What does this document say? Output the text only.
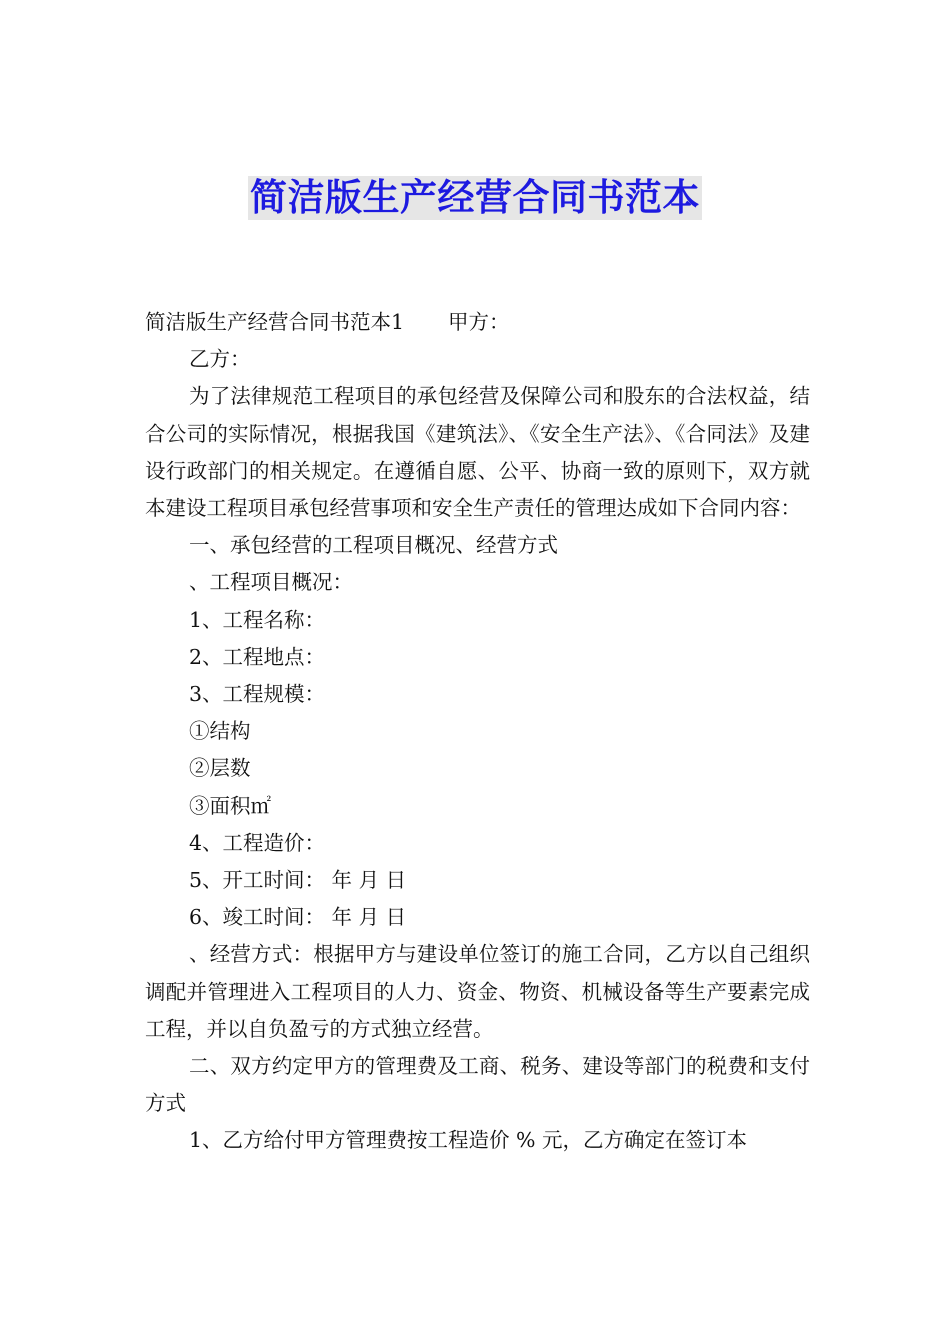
简洁版生产经营合同书范本

简洁版生产经营合同书范本1 甲方：

乙方：

为了法律规范工程项目的承包经营及保障公司和股东的合法权益，结合公司的实际情况，根据我国《建筑法》、《安全生产法》、《合同法》及建设行政部门的相关规定。在遵循自愿、公平、协商一致的原则下，双方就本建设工程项目承包经营事项和安全生产责任的管理达成如下合同内容：

一、承包经营的工程项目概况、经营方式

、工程项目概况：

1、工程名称：

2、工程地点：

3、工程规模：

①结构

②层数

③面积㎡

4、工程造价：

5、开工时间： 年 月 日

6、竣工时间： 年 月 日

、经营方式：根据甲方与建设单位签订的施工合同，乙方以自己组织调配并管理进入工程项目的人力、资金、物资、机械设备等生产要素完成工程，并以自负盈亏的方式独立经营。

二、双方约定甲方的管理费及工商、税务、建设等部门的税费和支付方式

1、乙方给付甲方管理费按工程造价 % 元，乙方确定在签订本
